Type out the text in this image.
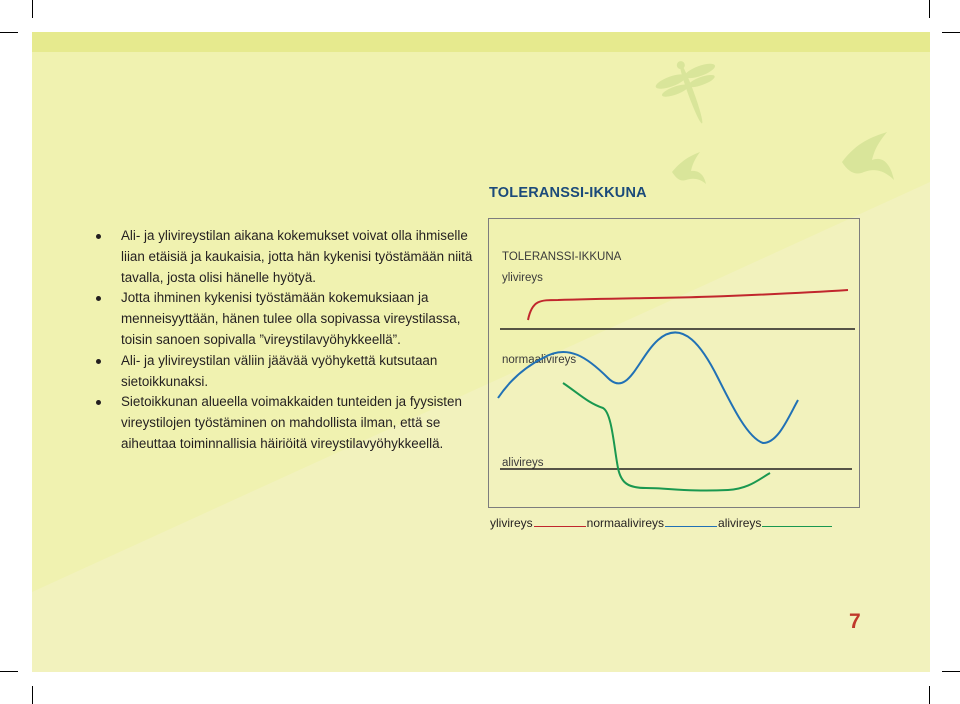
Ali- ja ylivireystilan aikana kokemukset voivat olla ihmiselle liian etäisiä ja kaukaisia, jotta hän kykenisi työstämään niitä tavalla, josta olisi hänelle hyötyä.
Jotta ihminen kykenisi työstämään kokemuksiaan ja menneisyyttään, hänen tulee olla sopivassa vireystilassa, toisin sanoen sopivalla ”vireystilavyöhykkeellä”.
Ali- ja ylivireystilan väliin jäävää vyöhykettä kutsutaan sietoikkunaksi.
Sietoikkunan alueella voimakkaiden tunteiden ja fyysisten vireystilojen työstäminen on mahdollista ilman, että se aiheuttaa toiminnallisia häiriöitä vireystilavyöhykkeellä.
TOLERANSSI-IKKUNA
TOLERANSSI-IKKUNA
ylivireys
normaalivireys
alivireys
ylivireys	normaalivireys	alivireys
7
